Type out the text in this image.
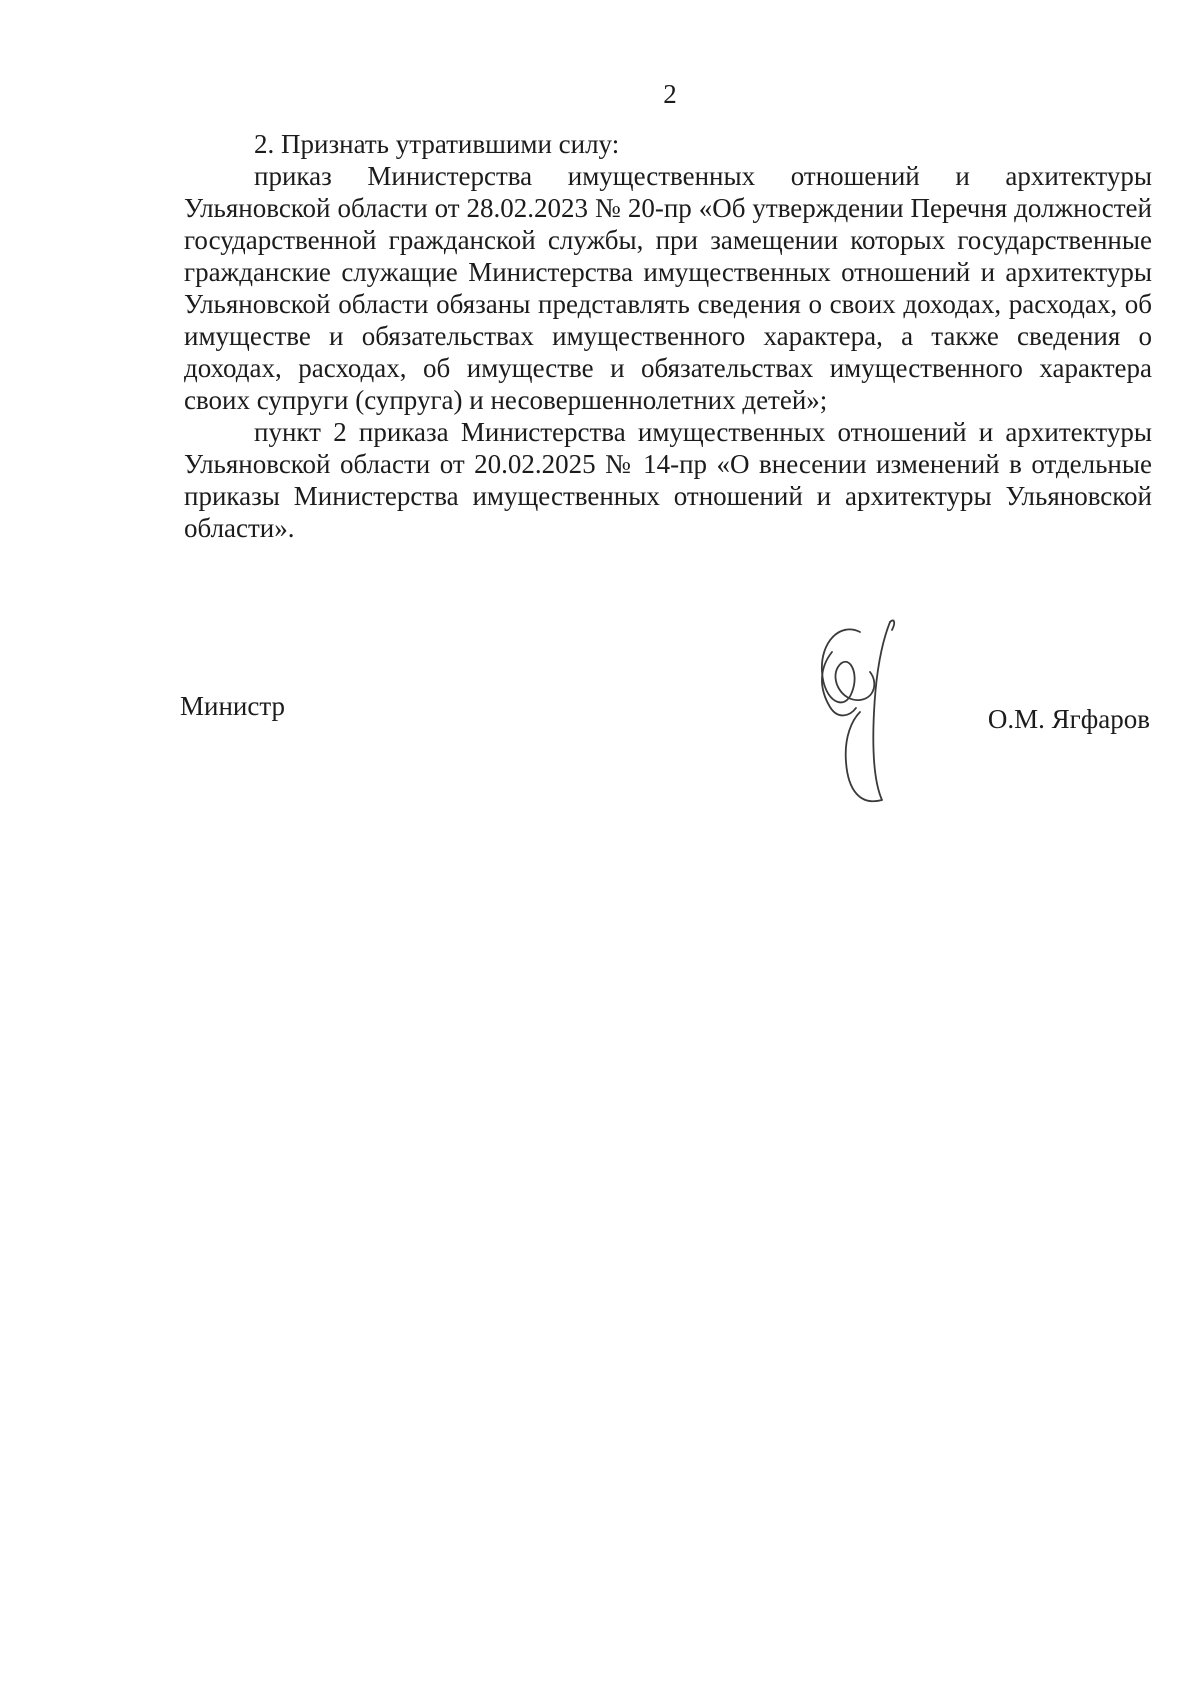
2

2. Признать утратившими силу:

приказ Министерства имущественных отношений и архитектуры Ульяновской области от 28.02.2023 № 20-пр «Об утверждении Перечня должностей государственной гражданской службы, при замещении которых государственные гражданские служащие Министерства имущественных отношений и архитектуры Ульяновской области обязаны представлять сведения о своих доходах, расходах, об имуществе и обязательствах имущественного характера, а также сведения о доходах, расходах, об имуществе и обязательствах имущественного характера своих супруги (супруга) и несовершеннолетних детей»;

пункт 2 приказа Министерства имущественных отношений и архитектуры Ульяновской области от 20.02.2025 № 14-пр «О внесении изменений в отдельные приказы Министерства имущественных отношений и архитектуры Ульяновской области».

Министр	О.М. Ягфаров
